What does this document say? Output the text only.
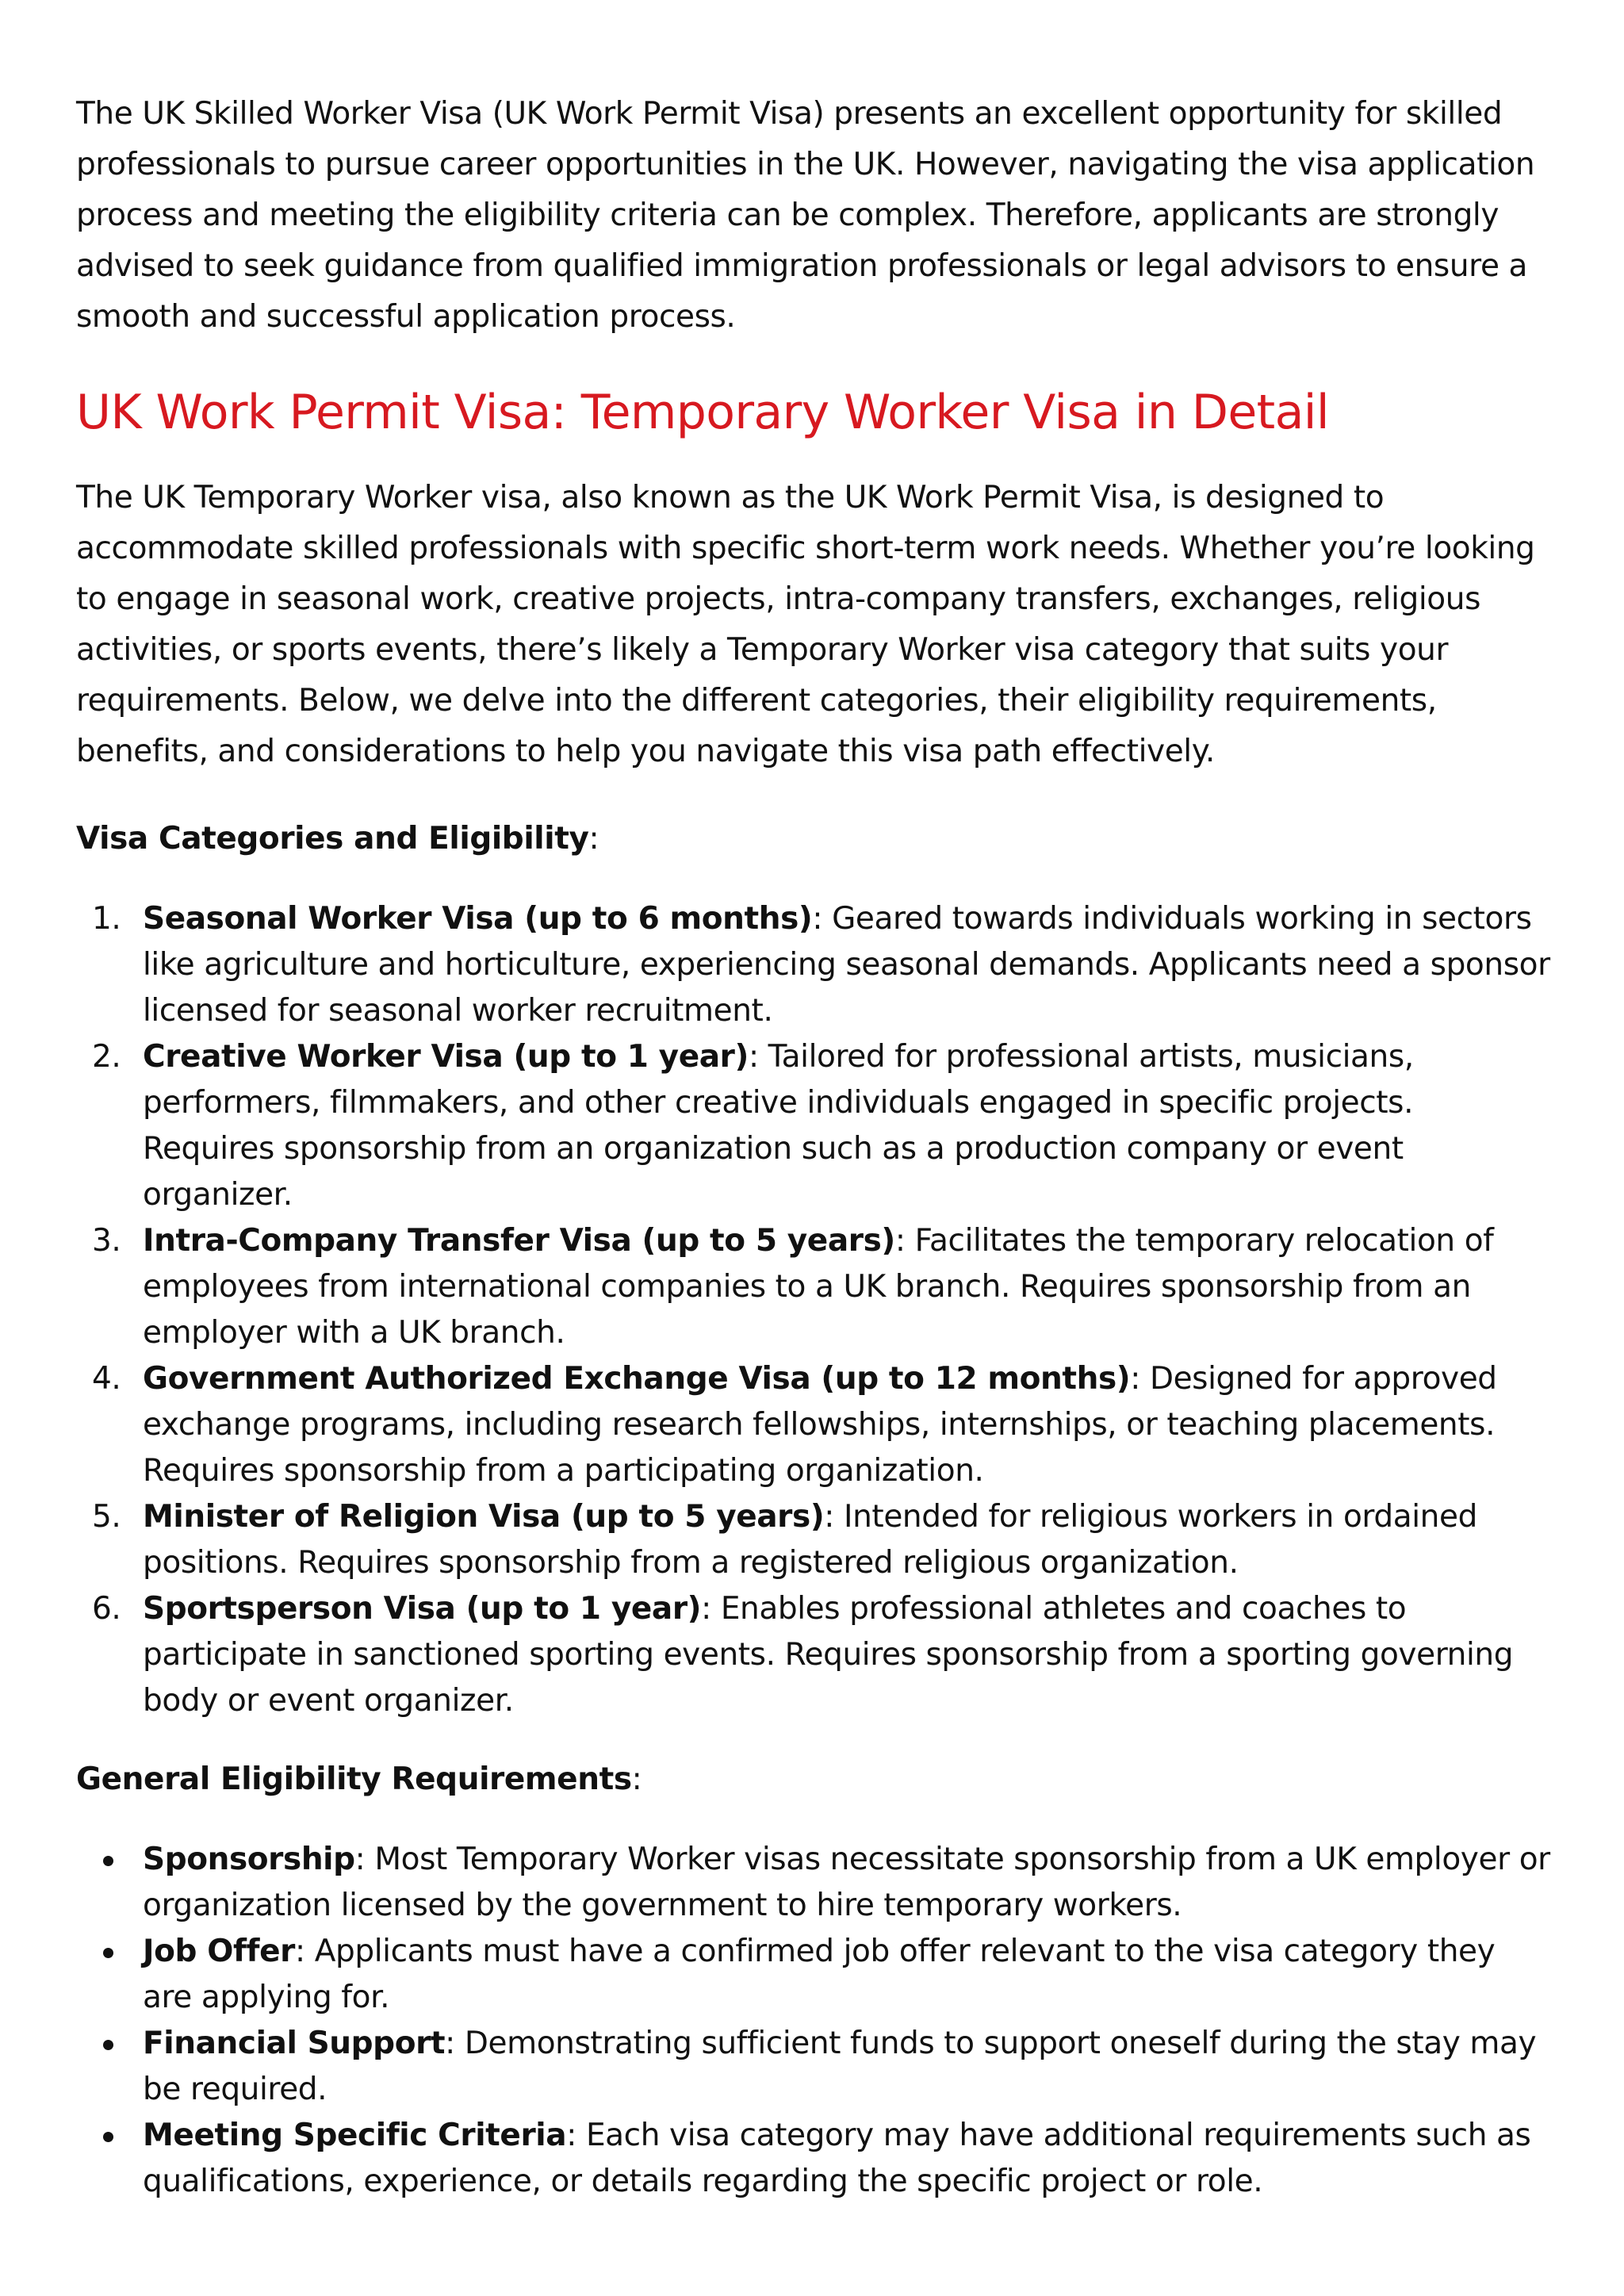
The UK Skilled Worker Visa (UK Work Permit Visa) presents an excellent opportunity for skilled professionals to pursue career opportunities in the UK. However, navigating the visa application process and meeting the eligibility criteria can be complex. Therefore, applicants are strongly advised to seek guidance from qualified immigration professionals or legal advisors to ensure a smooth and successful application process.

UK Work Permit Visa: Temporary Worker Visa in Detail

The UK Temporary Worker visa, also known as the UK Work Permit Visa, is designed to accommodate skilled professionals with specific short-term work needs. Whether you’re looking to engage in seasonal work, creative projects, intra-company transfers, exchanges, religious activities, or sports events, there’s likely a Temporary Worker visa category that suits your requirements. Below, we delve into the different categories, their eligibility requirements, benefits, and considerations to help you navigate this visa path effectively.

Visa Categories and Eligibility:

1. Seasonal Worker Visa (up to 6 months): Geared towards individuals working in sectors like agriculture and horticulture, experiencing seasonal demands. Applicants need a sponsor licensed for seasonal worker recruitment.
2. Creative Worker Visa (up to 1 year): Tailored for professional artists, musicians, performers, filmmakers, and other creative individuals engaged in specific projects. Requires sponsorship from an organization such as a production company or event organizer.
3. Intra-Company Transfer Visa (up to 5 years): Facilitates the temporary relocation of employees from international companies to a UK branch. Requires sponsorship from an employer with a UK branch.
4. Government Authorized Exchange Visa (up to 12 months): Designed for approved exchange programs, including research fellowships, internships, or teaching placements. Requires sponsorship from a participating organization.
5. Minister of Religion Visa (up to 5 years): Intended for religious workers in ordained positions. Requires sponsorship from a registered religious organization.
6. Sportsperson Visa (up to 1 year): Enables professional athletes and coaches to participate in sanctioned sporting events. Requires sponsorship from a sporting governing body or event organizer.

General Eligibility Requirements:

Sponsorship: Most Temporary Worker visas necessitate sponsorship from a UK employer or organization licensed by the government to hire temporary workers.
Job Offer: Applicants must have a confirmed job offer relevant to the visa category they are applying for.
Financial Support: Demonstrating sufficient funds to support oneself during the stay may be required.
Meeting Specific Criteria: Each visa category may have additional requirements such as qualifications, experience, or details regarding the specific project or role.
